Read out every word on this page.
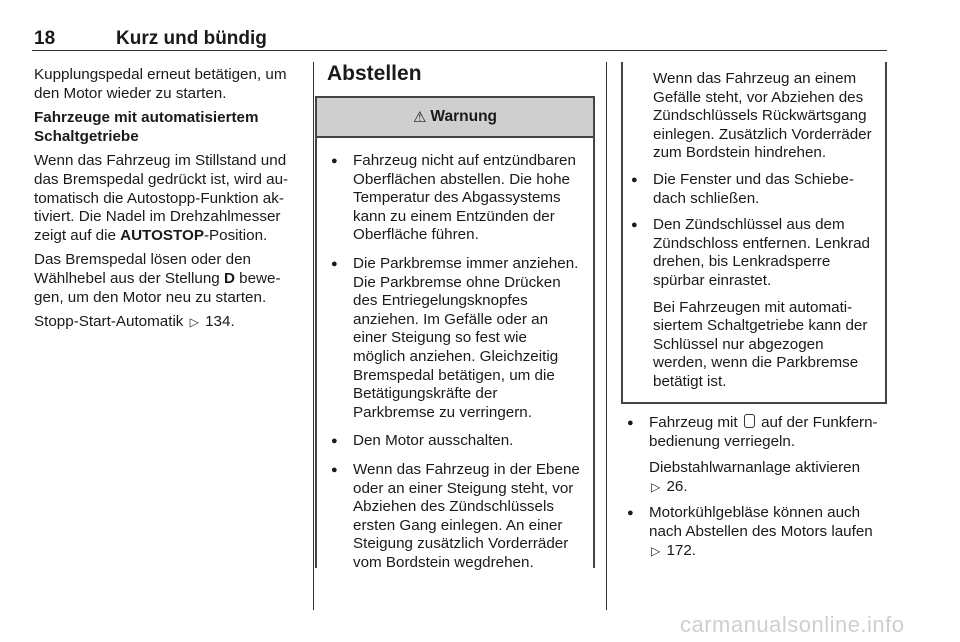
18	Kurz und bündig

Kupplungspedal erneut betätigen, um den Motor wieder zu starten.

Fahrzeuge mit automatisiertem Schaltgetriebe

Wenn das Fahrzeug im Stillstand und das Bremspedal gedrückt ist, wird automatisch die Autostopp-Funktion aktiviert. Die Nadel im Drehzahlmesser zeigt auf die AUTOSTOP-Position.

Das Bremspedal lösen oder den Wählhebel aus der Stellung D bewegen, um den Motor neu zu starten.

Stopp-Start-Automatik ▷ 134.

Abstellen
⚠ Warnung
● Fahrzeug nicht auf entzündbaren Oberflächen abstellen. Die hohe Temperatur des Abgassystems kann zu einem Entzünden der Oberfläche führen.
● Die Parkbremse immer anziehen. Die Parkbremse ohne Drücken des Entriegelungsknopfes anziehen. Im Gefälle oder an einer Steigung so fest wie möglich anziehen. Gleichzeitig Bremspedal betätigen, um die Betätigungskräfte der Parkbremse zu verringern.
● Den Motor ausschalten.
● Wenn das Fahrzeug in der Ebene oder an einer Steigung steht, vor Abziehen des Zündschlüssels ersten Gang einlegen. An einer Steigung zusätzlich Vorderräder vom Bordstein wegdrehen.

Wenn das Fahrzeug an einem Gefälle steht, vor Abziehen des Zündschlüssels Rückwärtsgang einlegen. Zusätzlich Vorderräder zum Bordstein hindrehen.

● Die Fenster und das Schiebedach schließen.
● Den Zündschlüssel aus dem Zündschloss entfernen. Lenkrad drehen, bis Lenkradsperre spürbar einrastet.
Bei Fahrzeugen mit automatisiertem Schaltgetriebe kann der Schlüssel nur abgezogen werden, wenn die Parkbremse betätigt ist.
● Fahrzeug mit auf der Funkfernbedienung verriegeln.
Diebstahlwarnanlage aktivieren
▷ 26.
● Motorkühlgebläse können auch nach Abstellen des Motors laufen
▷ 172.
carmanualsonline.info
